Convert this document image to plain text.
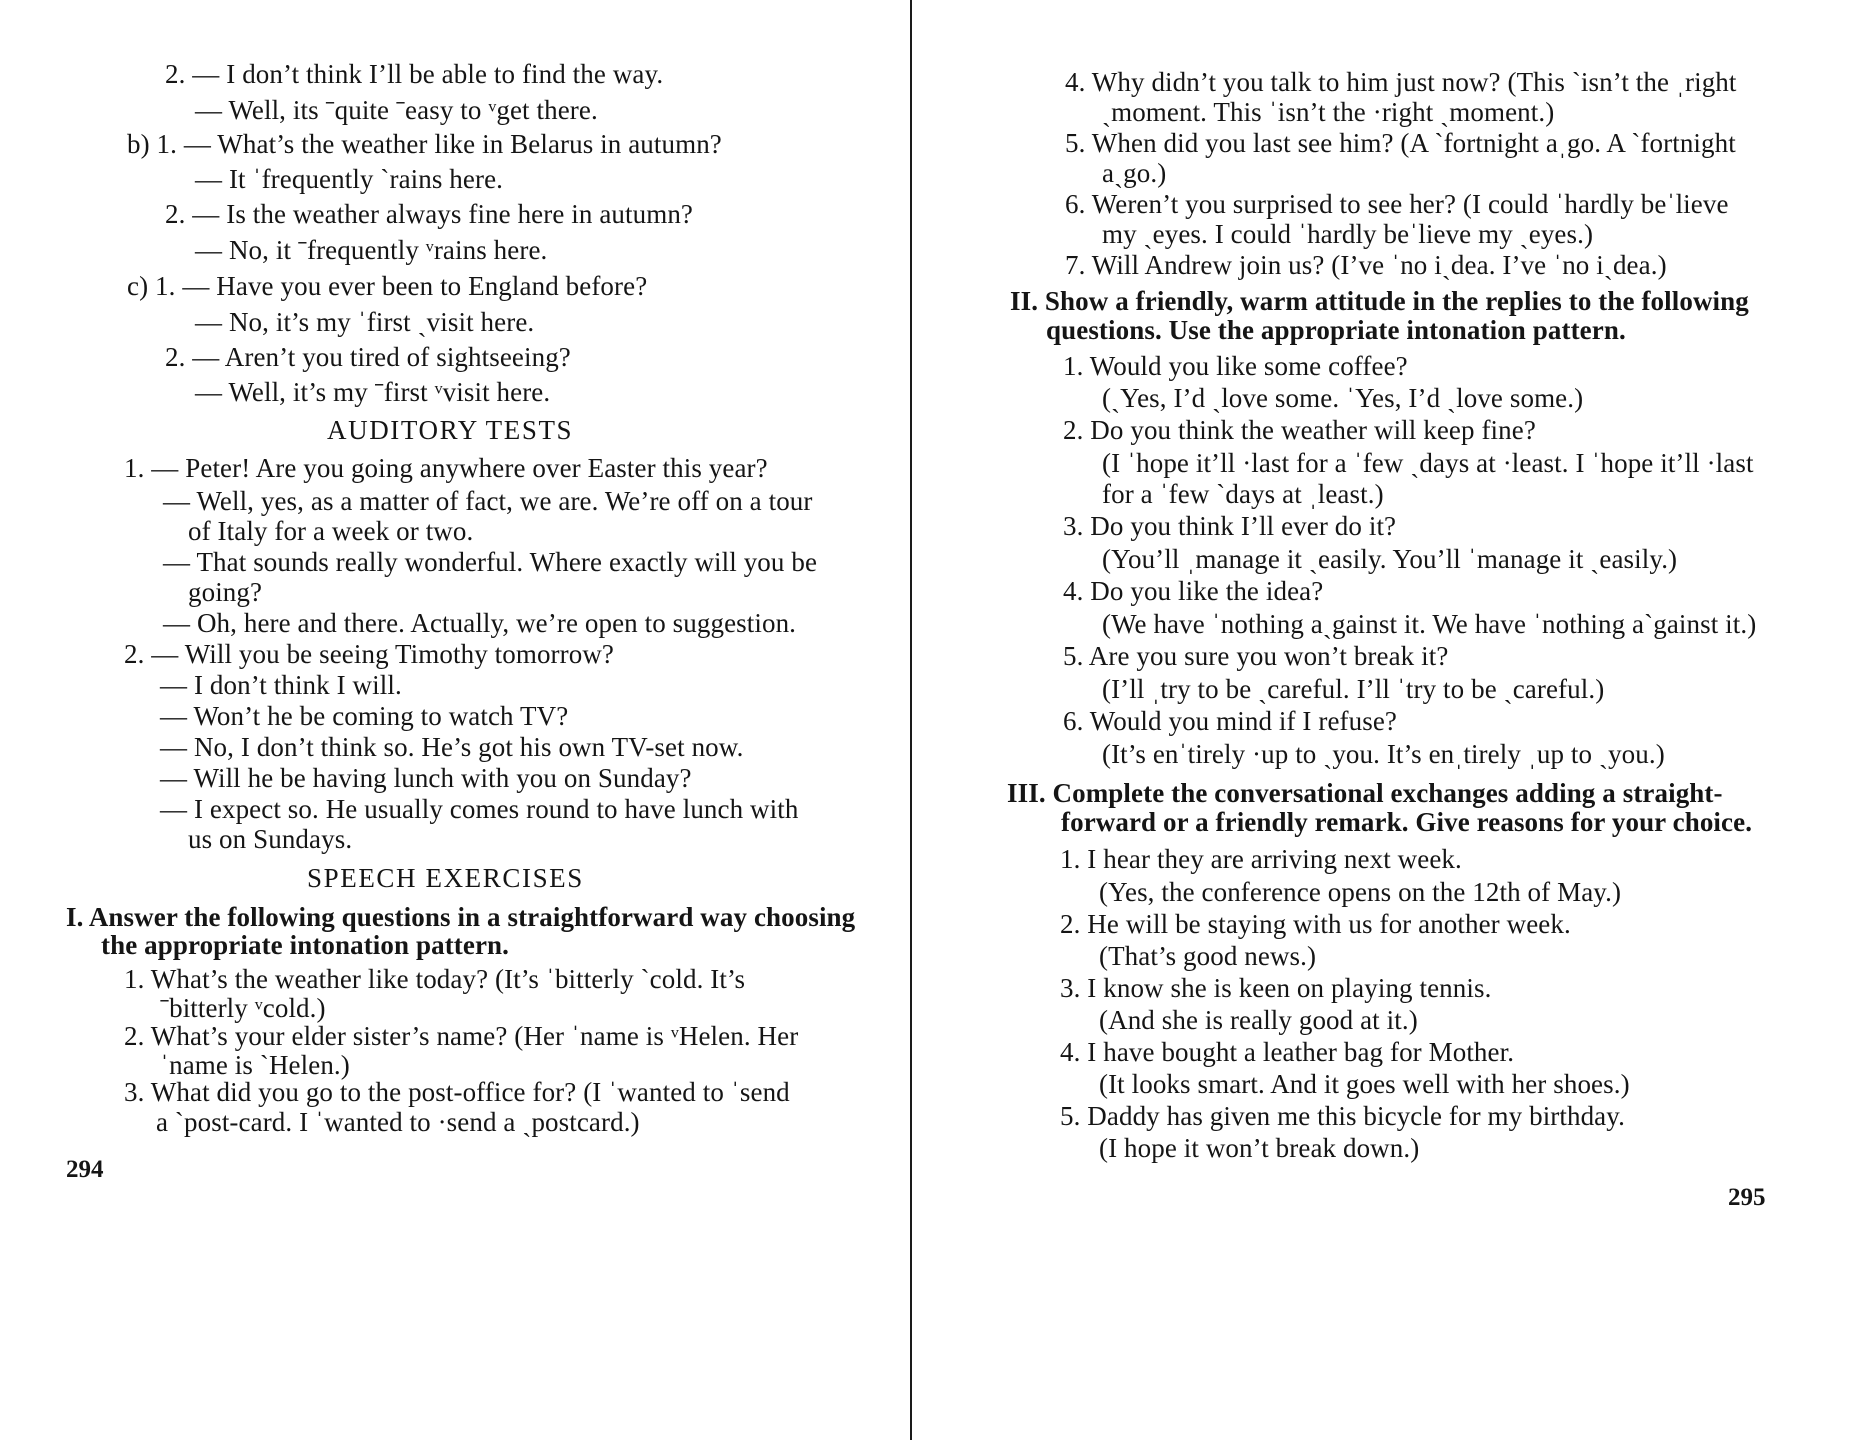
2. — I don’t think I’ll be able to find the way.
— Well, its ˉquite ˉeasy to ᵛget there.
b) 1. — What’s the weather like in Belarus in autumn?
— It ˈfrequently ˋrains here.
2. — Is the weather always fine here in autumn?
— No, it ˉfrequently ᵛrains here.
c) 1. — Have you ever been to England before?
— No, it’s my ˈfirst ˎvisit here.
2. — Aren’t you tired of sightseeing?
— Well, it’s my ˉfirst ᵛvisit here.
AUDITORY TESTS
1. — Peter! Are you going anywhere over Easter this year?
— Well, yes, as a matter of fact, we are. We’re off on a tour
of Italy for a week or two.
— That sounds really wonderful. Where exactly will you be
going?
— Oh, here and there. Actually, we’re open to suggestion.
2. — Will you be seeing Timothy tomorrow?
— I don’t think I will.
— Won’t he be coming to watch TV?
— No, I don’t think so. He’s got his own TV-set now.
— Will he be having lunch with you on Sunday?
— I expect so. He usually comes round to have lunch with
us on Sundays.
SPEECH EXERCISES
I. Answer the following questions in a straightforward way choosing
the appropriate intonation pattern.
1. What’s the weather like today? (It’s ˈbitterly ˋcold. It’s
ˉbitterly ᵛcold.)
2. What’s your elder sister’s name? (Her ˈname is ᵛHelen. Her
ˈname is ˋHelen.)
3. What did you go to the post-office for? (I ˈwanted to ˈsend
a ˋpost-card. I ˈwanted to ·send a ˏpostcard.)
294
4. Why didn’t you talk to him just now? (This ˋisn’t the ˌright
ˏmoment. This ˈisn’t the ·right ˎmoment.)
5. When did you last see him? (A ˋfortnight aˌgo. A ˋfortnight
aˏgo.)
6. Weren’t you surprised to see her? (I could ˈhardly beˈlieve
my ˏeyes. I could ˈhardly beˈlieve my ˎeyes.)
7. Will Andrew join us? (I’ve ˈno iˎdea. I’ve ˈno iˏdea.)
II. Show a friendly, warm attitude in the replies to the following
questions. Use the appropriate intonation pattern.
1. Would you like some coffee?
(ˎYes, I’d ˎlove some. ˈYes, I’d ˏlove some.)
2. Do you think the weather will keep fine?
(I ˈhope it’ll ·last for a ˈfew ˏdays at ·least. I ˈhope it’ll ·last
for a ˈfew ˋdays at ˌleast.)
3. Do you think I’ll ever do it?
(You’ll ˌmanage it ˏeasily. You’ll ˈmanage it ˏeasily.)
4. Do you like the idea?
(We have ˈnothing aˏgainst it. We have ˈnothing aˋgainst it.)
5. Are you sure you won’t break it?
(I’ll ˌtry to be ˎcareful. I’ll ˈtry to be ˏcareful.)
6. Would you mind if I refuse?
(It’s enˈtirely ·up to ˏyou. It’s enˌtirely ˌup to ˏyou.)
III. Complete the conversational exchanges adding a straight-
forward or a friendly remark. Give reasons for your choice.
1. I hear they are arriving next week.
(Yes, the conference opens on the 12th of May.)
2. He will be staying with us for another week.
(That’s good news.)
3. I know she is keen on playing tennis.
(And she is really good at it.)
4. I have bought a leather bag for Mother.
(It looks smart. And it goes well with her shoes.)
5. Daddy has given me this bicycle for my birthday.
(I hope it won’t break down.)
295
